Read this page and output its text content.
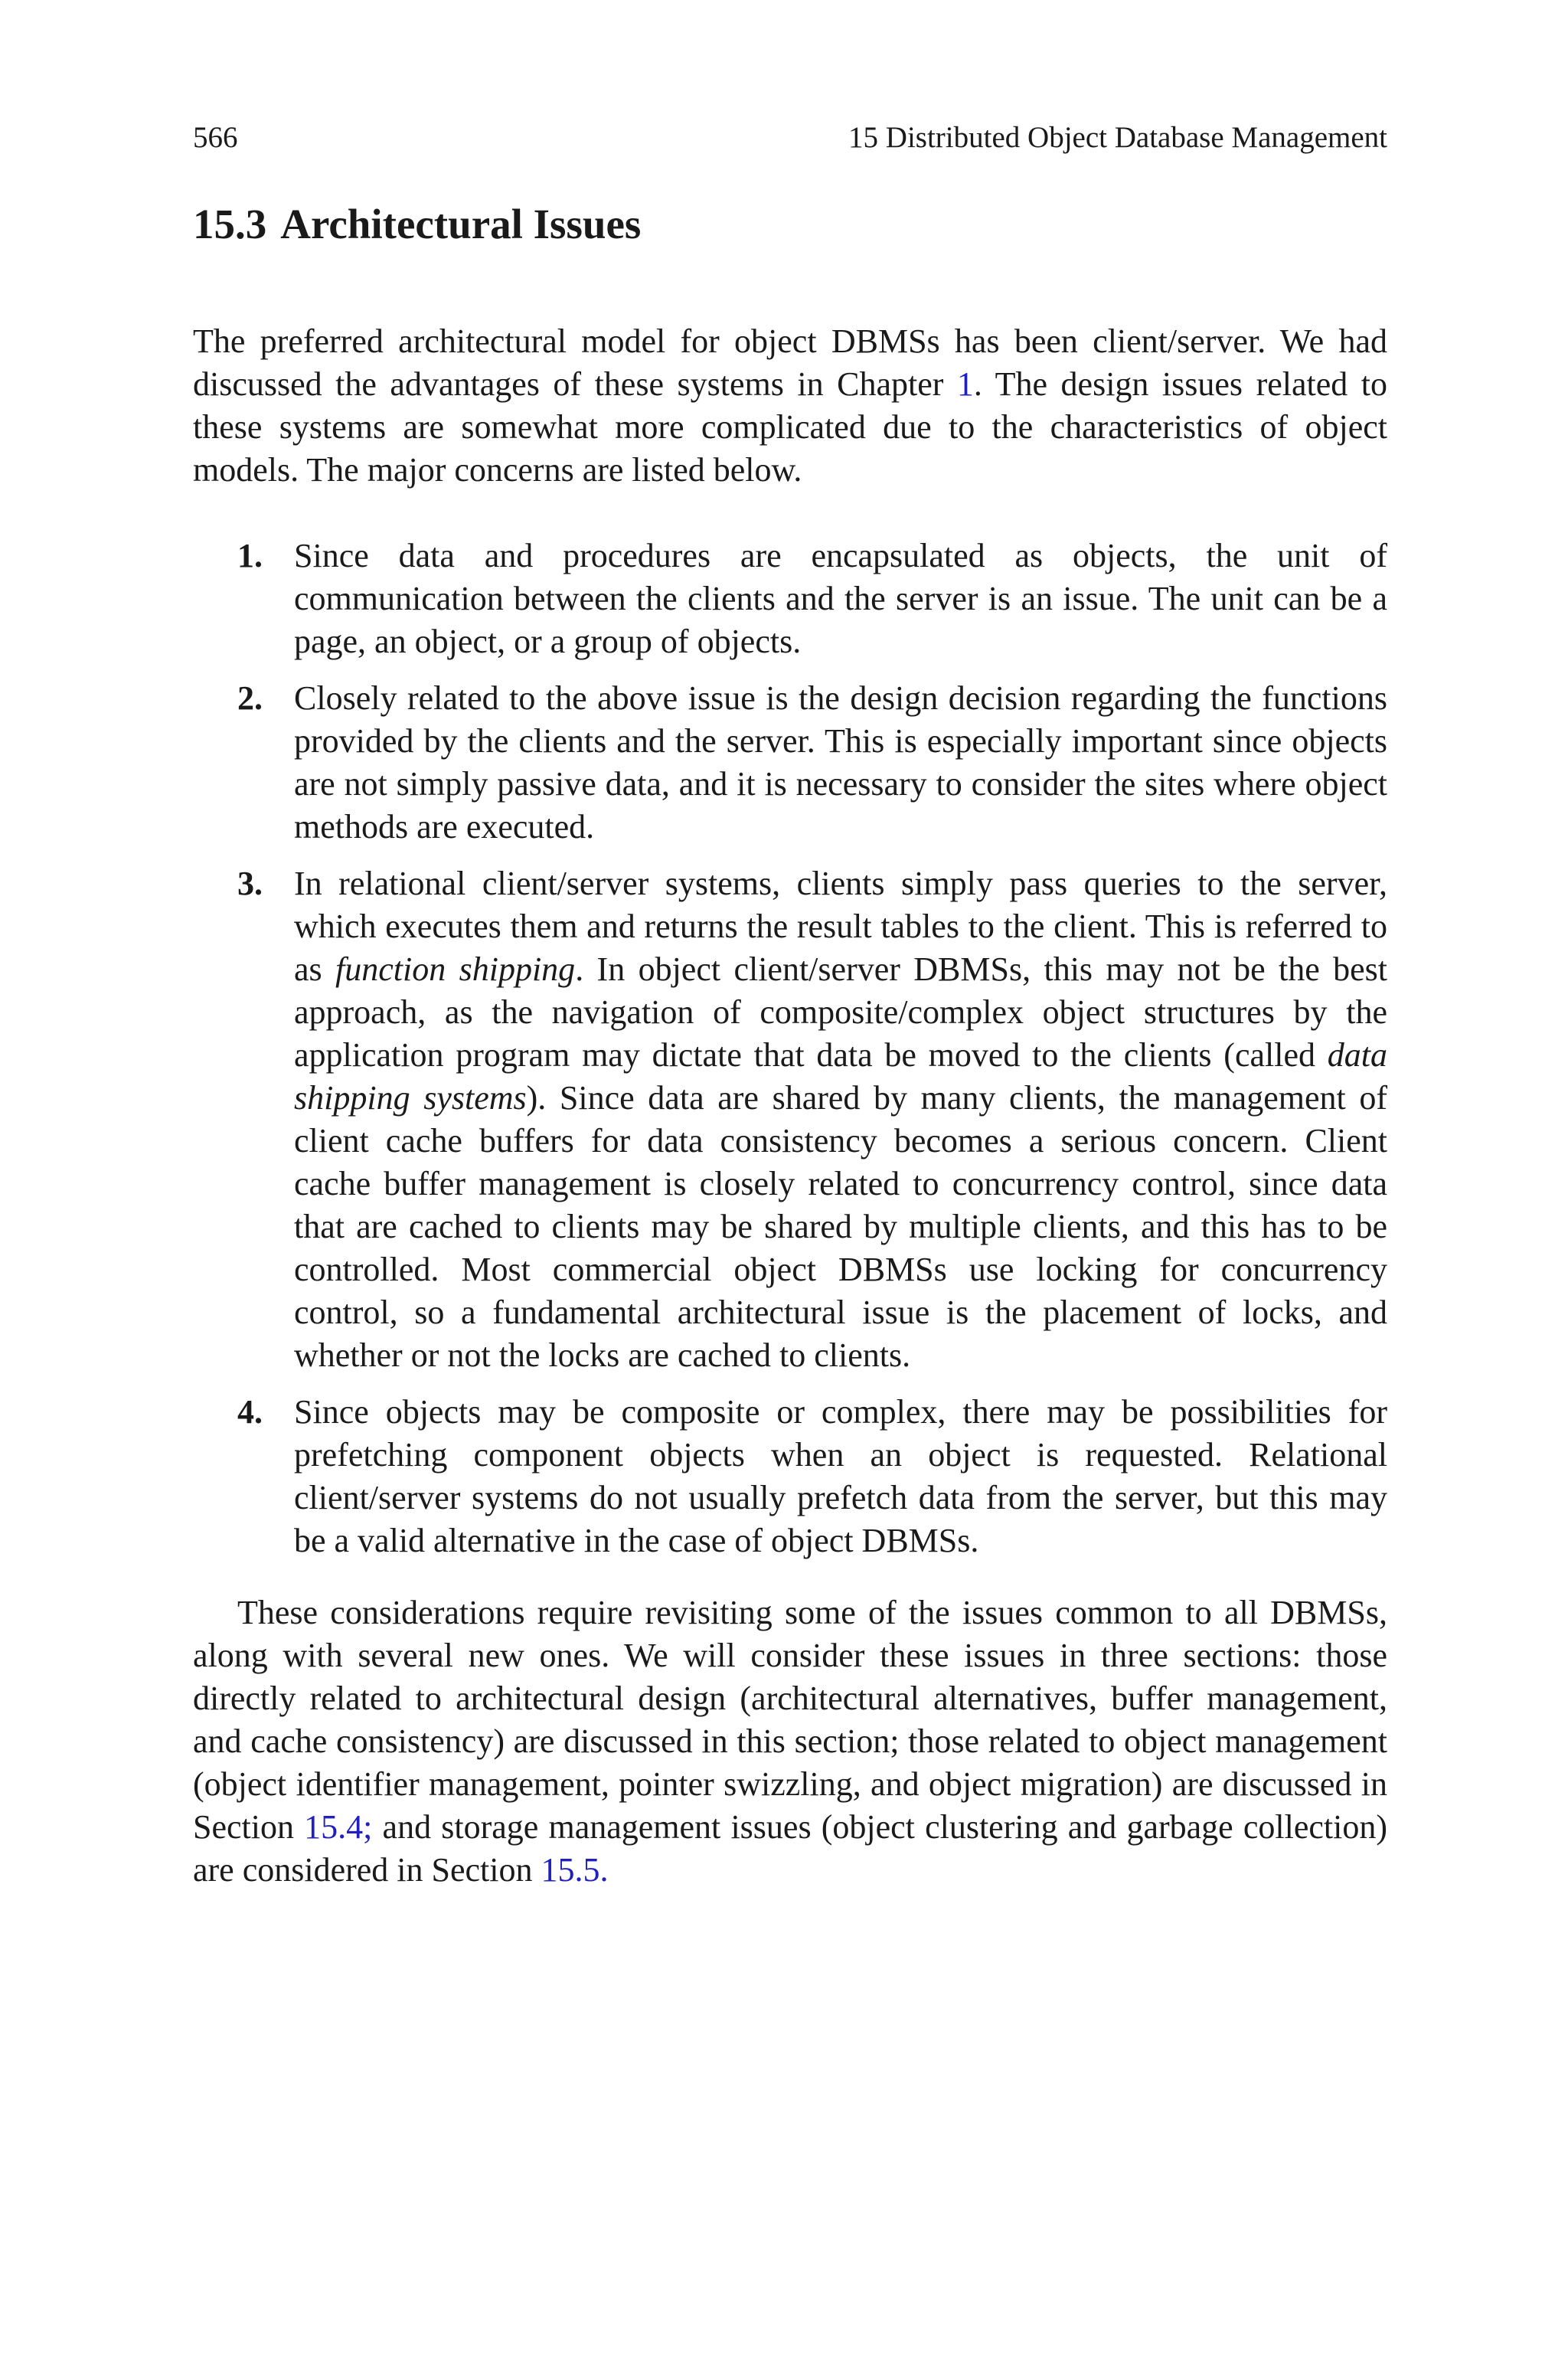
566	15 Distributed Object Database Management
15.3 Architectural Issues

The preferred architectural model for object DBMSs has been client/server. We had discussed the advantages of these systems in Chapter 1. The design issues related to these systems are somewhat more complicated due to the characteristics of object models. The major concerns are listed below.

1. Since data and procedures are encapsulated as objects, the unit of communication between the clients and the server is an issue. The unit can be a page, an object, or a group of objects.
2. Closely related to the above issue is the design decision regarding the functions provided by the clients and the server. This is especially important since objects are not simply passive data, and it is necessary to consider the sites where object methods are executed.
3. In relational client/server systems, clients simply pass queries to the server, which executes them and returns the result tables to the client. This is referred to as function shipping. In object client/server DBMSs, this may not be the best approach, as the navigation of composite/complex object structures by the application program may dictate that data be moved to the clients (called data shipping systems). Since data are shared by many clients, the management of client cache buffers for data consistency becomes a serious concern. Client cache buffer management is closely related to concurrency control, since data that are cached to clients may be shared by multiple clients, and this has to be controlled. Most commercial object DBMSs use locking for concurrency control, so a fundamental architectural issue is the placement of locks, and whether or not the locks are cached to clients.
4. Since objects may be composite or complex, there may be possibilities for prefetching component objects when an object is requested. Relational client/server systems do not usually prefetch data from the server, but this may be a valid alternative in the case of object DBMSs.

These considerations require revisiting some of the issues common to all DBMSs, along with several new ones. We will consider these issues in three sections: those directly related to architectural design (architectural alternatives, buffer management, and cache consistency) are discussed in this section; those related to object management (object identifier management, pointer swizzling, and object migration) are discussed in Section 15.4; and storage management issues (object clustering and garbage collection) are considered in Section 15.5.
